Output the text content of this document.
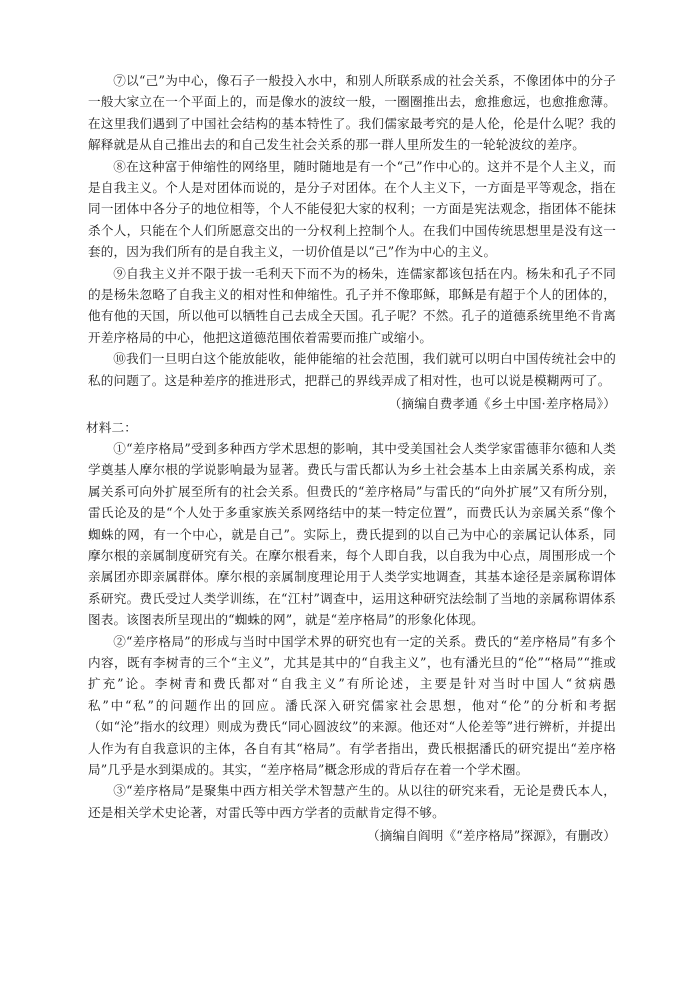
⑦以“己”为中心，像石子一般投入水中，和别人所联系成的社会关系，不像团体中的分子一般大家立在一个平面上的，而是像水的波纹一般，一圈圈推出去，愈推愈远，也愈推愈薄。在这里我们遇到了中国社会结构的基本特性了。我们儒家最考究的是人伦，伦是什么呢？我的解释就是从自己推出去的和自己发生社会关系的那一群人里所发生的一轮轮波纹的差序。

⑧在这种富于伸缩性的网络里，随时随地是有一个“己”作中心的。这并不是个人主义，而是自我主义。个人是对团体而说的，是分子对团体。在个人主义下，一方面是平等观念，指在同一团体中各分子的地位相等，个人不能侵犯大家的权利；一方面是宪法观念，指团体不能抹杀个人，只能在个人们所愿意交出的一分权利上控制个人。在我们中国传统思想里是没有这一套的，因为我们所有的是自我主义，一切价值是以“己”作为中心的主义。

⑨自我主义并不限于拔一毛利天下而不为的杨朱，连儒家都该包括在内。杨朱和孔子不同的是杨朱忽略了自我主义的相对性和伸缩性。孔子并不像耶稣，耶稣是有超于个人的团体的，他有他的天国，所以他可以牺牲自己去成全天国。孔子呢？不然。孔子的道德系统里绝不肯离开差序格局的中心，他把这道德范围依着需要而推广或缩小。

⑩我们一旦明白这个能放能收，能伸能缩的社会范围，我们就可以明白中国传统社会中的私的问题了。这是种差序的推进形式，把群己的界线弄成了相对性，也可以说是模糊两可了。

（摘编自费孝通《乡土中国·差序格局》）

材料二：

①“差序格局”受到多种西方学术思想的影响，其中受美国社会人类学家雷德菲尔德和人类学奠基人摩尔根的学说影响最为显著。费氏与雷氏都认为乡土社会基本上由亲属关系构成，亲属关系可向外扩展至所有的社会关系。但费氏的“差序格局”与雷氏的“向外扩展”又有所分别，雷氏论及的是“个人处于多重家族关系网络结中的某一特定位置”，而费氏认为亲属关系“像个蜘蛛的网，有一个中心，就是自己”。实际上，费氏提到的以自己为中心的亲属记认体系，同摩尔根的亲属制度研究有关。在摩尔根看来，每个人即自我，以自我为中心点，周围形成一个亲属团亦即亲属群体。摩尔根的亲属制度理论用于人类学实地调查，其基本途径是亲属称谓体系研究。费氏受过人类学训练，在“江村”调查中，运用这种研究法绘制了当地的亲属称谓体系图表。该图表所呈现出的“蜘蛛的网”，就是“差序格局”的形象化体现。

②“差序格局”的形成与当时中国学术界的研究也有一定的关系。费氏的“差序格局”有多个内容，既有李树青的三个“主义”，尤其是其中的“自我主义”，也有潘光旦的“伦”“格局”“推或扩充”论。李树青和费氏都对“自我主义”有所论述，主要是针对当时中国人“贫病愚私”中“私”的问题作出的回应。潘氏深入研究儒家社会思想，他对“伦”的分析和考据（如“沦”指水的纹理）则成为费氏“同心圆波纹”的来源。他还对“人伦差等”进行辨析，并提出人作为有自我意识的主体，各自有其“格局”。有学者指出，费氏根据潘氏的研究提出“差序格局”几乎是水到渠成的。其实，“差序格局”概念形成的背后存在着一个学术圈。

③“差序格局”是聚集中西方相关学术智慧产生的。从以往的研究来看，无论是费氏本人，还是相关学术史论著，对雷氏等中西方学者的贡献肯定得不够。

（摘编自阎明《“差序格局”探源》，有删改）
